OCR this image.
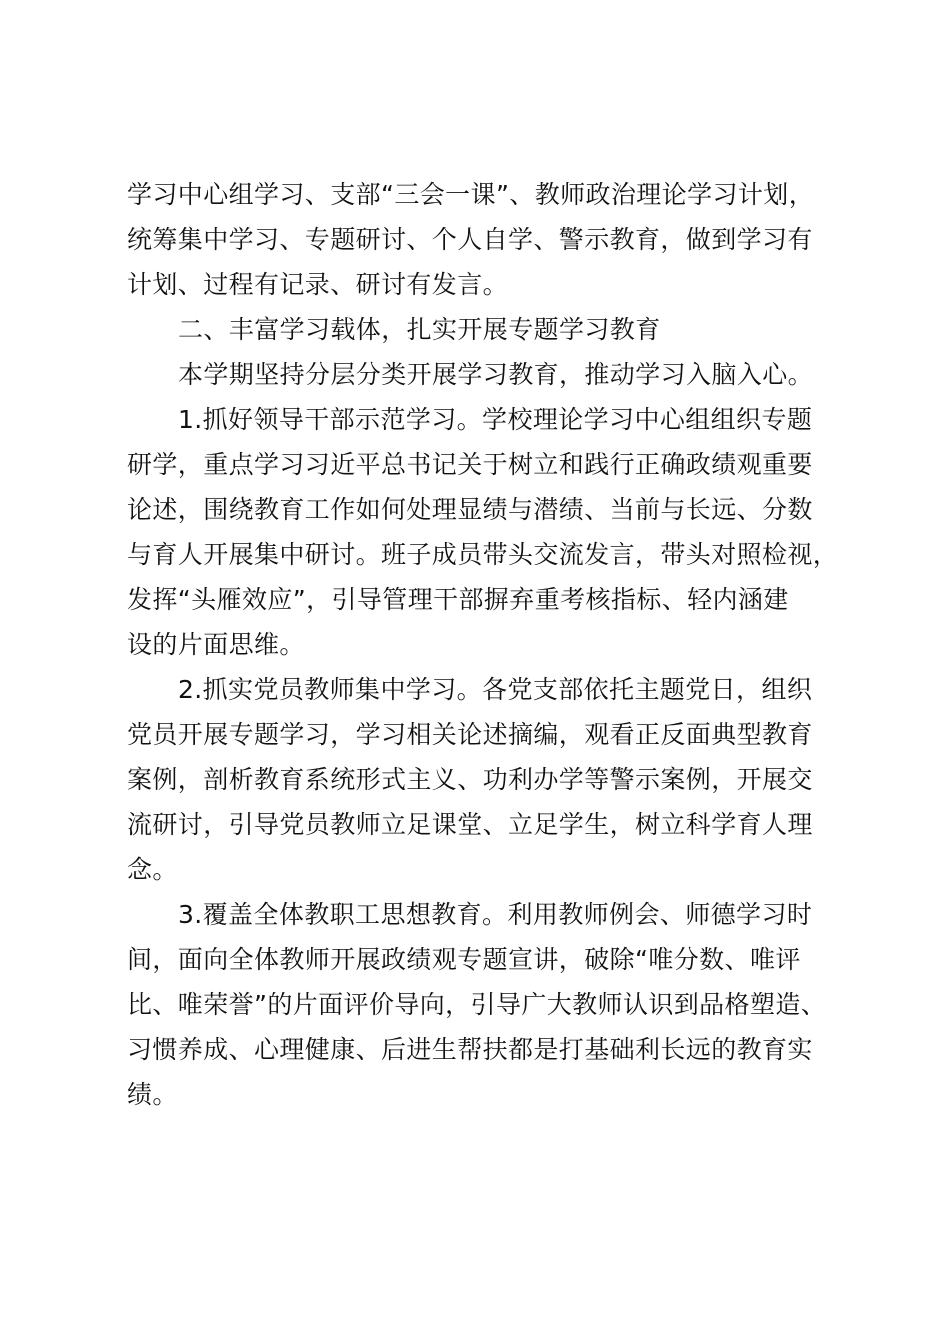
学习中心组学习、支部“三会一课”、教师政治理论学习计划，
统筹集中学习、专题研讨、个人自学、警示教育，做到学习有
计划、过程有记录、研讨有发言。
二、丰富学习载体，扎实开展专题学习教育
本学期坚持分层分类开展学习教育，推动学习入脑入心。
1.抓好领导干部示范学习。学校理论学习中心组组织专题
研学，重点学习习近平总书记关于树立和践行正确政绩观重要
论述，围绕教育工作如何处理显绩与潜绩、当前与长远、分数
与育人开展集中研讨。班子成员带头交流发言，带头对照检视，
发挥“头雁效应”，引导管理干部摒弃重考核指标、轻内涵建
设的片面思维。
2.抓实党员教师集中学习。各党支部依托主题党日，组织
党员开展专题学习，学习相关论述摘编，观看正反面典型教育
案例，剖析教育系统形式主义、功利办学等警示案例，开展交
流研讨，引导党员教师立足课堂、立足学生，树立科学育人理
念。
3.覆盖全体教职工思想教育。利用教师例会、师德学习时
间，面向全体教师开展政绩观专题宣讲，破除“唯分数、唯评
比、唯荣誉”的片面评价导向，引导广大教师认识到品格塑造、
习惯养成、心理健康、后进生帮扶都是打基础利长远的教育实
绩。
